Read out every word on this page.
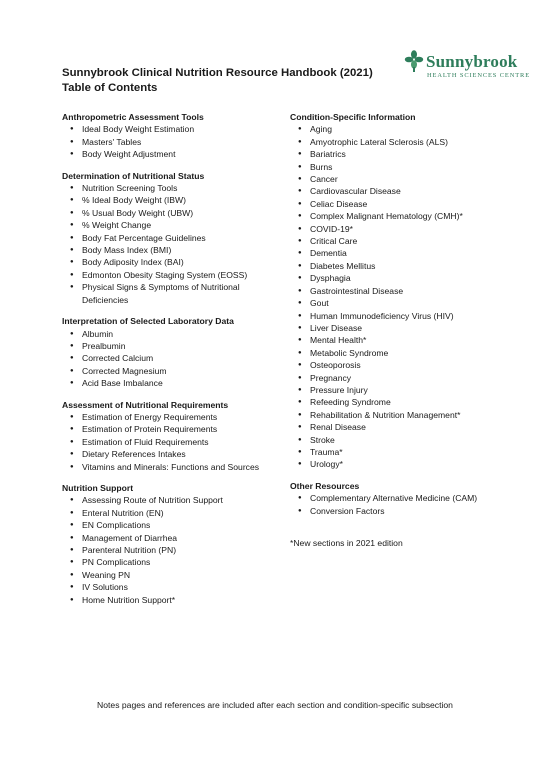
Sunnybrook
HEALTH SCIENCES CENTRE
Sunnybrook Clinical Nutrition Resource Handbook (2021)
Table of Contents
Anthropometric Assessment Tools
● Ideal Body Weight Estimation
● Masters' Tables
● Body Weight Adjustment
Determination of Nutritional Status
● Nutrition Screening Tools
● % Ideal Body Weight (IBW)
● % Usual Body Weight (UBW)
● % Weight Change
● Body Fat Percentage Guidelines
● Body Mass Index (BMI)
● Body Adiposity Index (BAI)
● Edmonton Obesity Staging System (EOSS)
● Physical Signs & Symptoms of Nutritional Deficiencies
Interpretation of Selected Laboratory Data
● Albumin
● Prealbumin
● Corrected Calcium
● Corrected Magnesium
● Acid Base Imbalance
Assessment of Nutritional Requirements
● Estimation of Energy Requirements
● Estimation of Protein Requirements
● Estimation of Fluid Requirements
● Dietary References Intakes
● Vitamins and Minerals: Functions and Sources
Nutrition Support
● Assessing Route of Nutrition Support
● Enteral Nutrition (EN)
● EN Complications
● Management of Diarrhea
● Parenteral Nutrition (PN)
● PN Complications
● Weaning PN
● IV Solutions
● Home Nutrition Support*
Condition-Specific Information
● Aging
● Amyotrophic Lateral Sclerosis (ALS)
● Bariatrics
● Burns
● Cancer
● Cardiovascular Disease
● Celiac Disease
● Complex Malignant Hematology (CMH)*
● COVID-19*
● Critical Care
● Dementia
● Diabetes Mellitus
● Dysphagia
● Gastrointestinal Disease
● Gout
● Human Immunodeficiency Virus (HIV)
● Liver Disease
● Mental Health*
● Metabolic Syndrome
● Osteoporosis
● Pregnancy
● Pressure Injury
● Refeeding Syndrome
● Rehabilitation & Nutrition Management*
● Renal Disease
● Stroke
● Trauma*
● Urology*
Other Resources
● Complementary Alternative Medicine (CAM)
● Conversion Factors
*New sections in 2021 edition
Notes pages and references are included after each section and condition-specific subsection
